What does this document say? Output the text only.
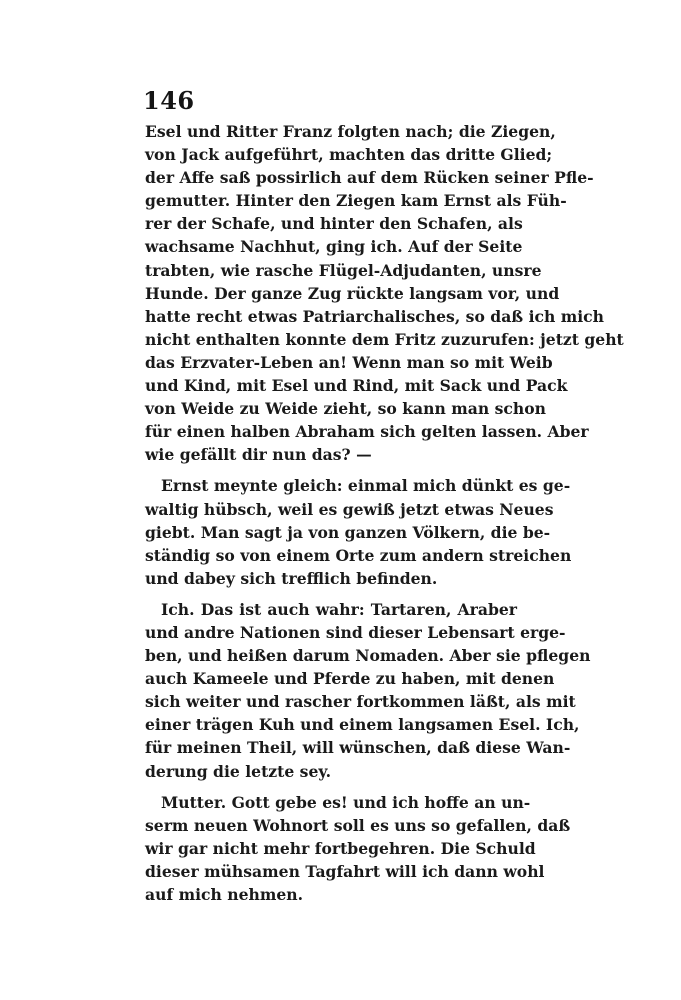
146
Esel und Ritter Franz folgten nach; die Ziegen,
von Jack aufgeführt, machten das dritte Glied;
der Affe saß possirlich auf dem Rücken seiner Pfle-
gemutter. Hinter den Ziegen kam Ernst als Füh-
rer der Schafe, und hinter den Schafen, als
wachsame Nachhut, ging ich. Auf der Seite
trabten, wie rasche Flügel-Adjudanten, unsre
Hunde. Der ganze Zug rückte langsam vor, und
hatte recht etwas Patriarchalisches, so daß ich mich
nicht enthalten konnte dem Fritz zuzurufen: jetzt geht
das Erzvater-Leben an! Wenn man so mit Weib
und Kind, mit Esel und Rind, mit Sack und Pack
von Weide zu Weide zieht, so kann man schon
für einen halben Abraham sich gelten lassen. Aber
wie gefällt dir nun das? —
Ernst meynte gleich: einmal mich dünkt es ge-
waltig hübsch, weil es gewiß jetzt etwas Neues
giebt. Man sagt ja von ganzen Völkern, die be-
ständig so von einem Orte zum andern streichen
und dabey sich trefflich befinden.
Ich. Das ist auch wahr: Tartaren, Araber
und andre Nationen sind dieser Lebensart erge-
ben, und heißen darum Nomaden. Aber sie pflegen
auch Kameele und Pferde zu haben, mit denen
sich weiter und rascher fortkommen läßt, als mit
einer trägen Kuh und einem langsamen Esel. Ich,
für meinen Theil, will wünschen, daß diese Wan-
derung die letzte sey.
Mutter. Gott gebe es! und ich hoffe an un-
serm neuen Wohnort soll es uns so gefallen, daß
wir gar nicht mehr fortbegehren. Die Schuld
dieser mühsamen Tagfahrt will ich dann wohl
auf mich nehmen.
